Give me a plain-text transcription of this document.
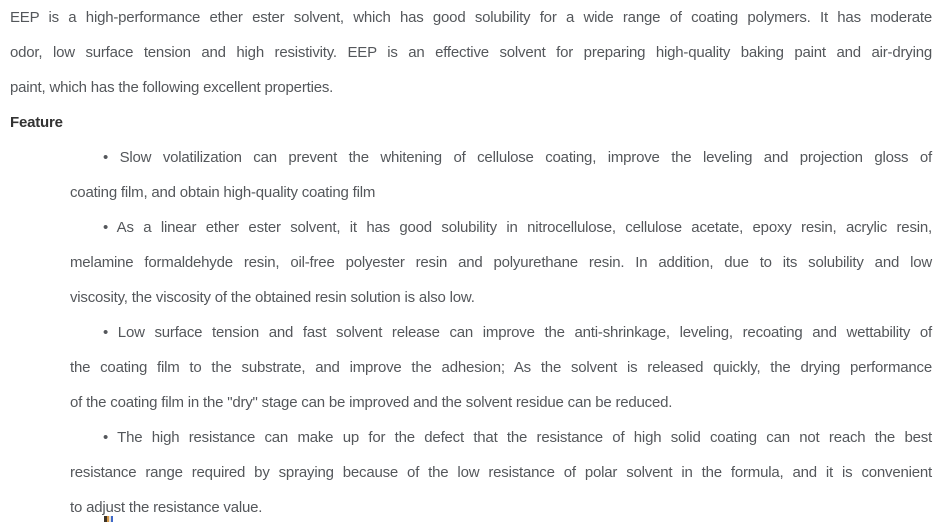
EEP is a high-performance ether ester solvent, which has good solubility for a wide range of coating polymers. It has moderate
odor, low surface tension and high resistivity. EEP is an effective solvent for preparing high-quality baking paint and air-drying
paint, which has the following excellent properties.
Feature
• Slow volatilization can prevent the whitening of cellulose coating, improve the leveling and projection gloss of
coating film, and obtain high-quality coating film
• As a linear ether ester solvent, it has good solubility in nitrocellulose, cellulose acetate, epoxy resin, acrylic resin,
melamine formaldehyde resin, oil-free polyester resin and polyurethane resin. In addition, due to its solubility and low
viscosity, the viscosity of the obtained resin solution is also low.
• Low surface tension and fast solvent release can improve the anti-shrinkage, leveling, recoating and wettability of
the coating film to the substrate, and improve the adhesion; As the solvent is released quickly, the drying performance
of the coating film in the "dry" stage can be improved and the solvent residue can be reduced.
• The high resistance can make up for the defect that the resistance of high solid coating can not reach the best
resistance range required by spraying because of the low resistance of polar solvent in the formula, and it is convenient
to adjust the resistance value.
